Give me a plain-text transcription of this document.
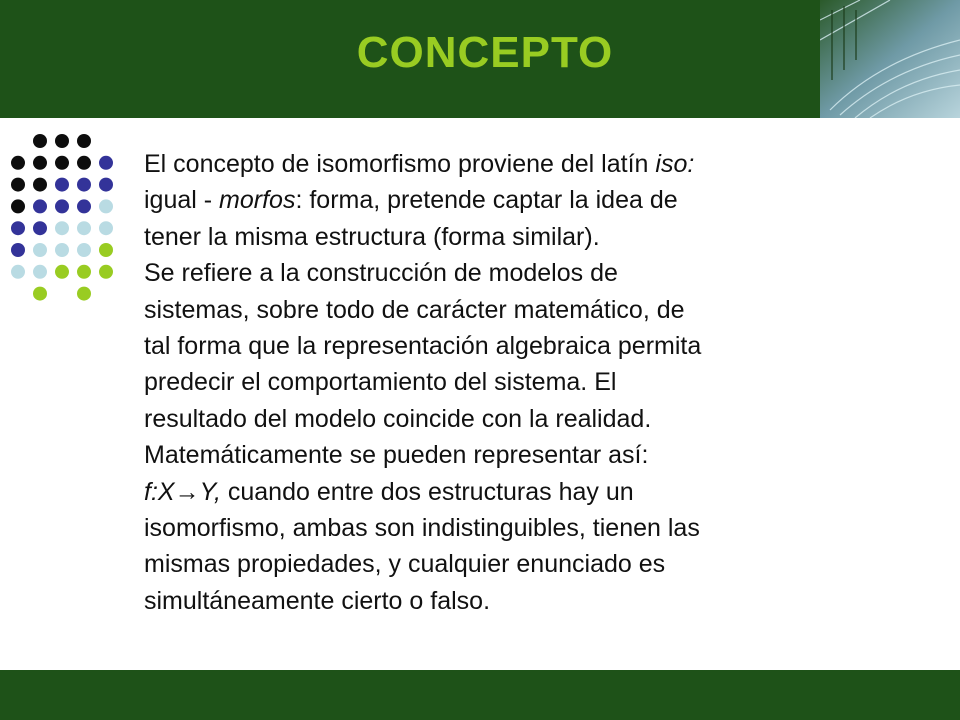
CONCEPTO

El concepto de isomorfismo proviene del latín iso:

igual - morfos: forma, pretende captar la idea de

tener la misma estructura (forma similar).

Se refiere a la construcción de modelos de

sistemas, sobre todo de carácter matemático, de

tal forma que la representación algebraica permita

predecir el comportamiento del sistema. El

resultado del modelo coincide con la realidad.

Matemáticamente se pueden representar así:

f:X→Y, cuando entre dos estructuras hay un

isomorfismo, ambas son indistinguibles, tienen las

mismas propiedades, y cualquier enunciado es

simultáneamente cierto o falso.
